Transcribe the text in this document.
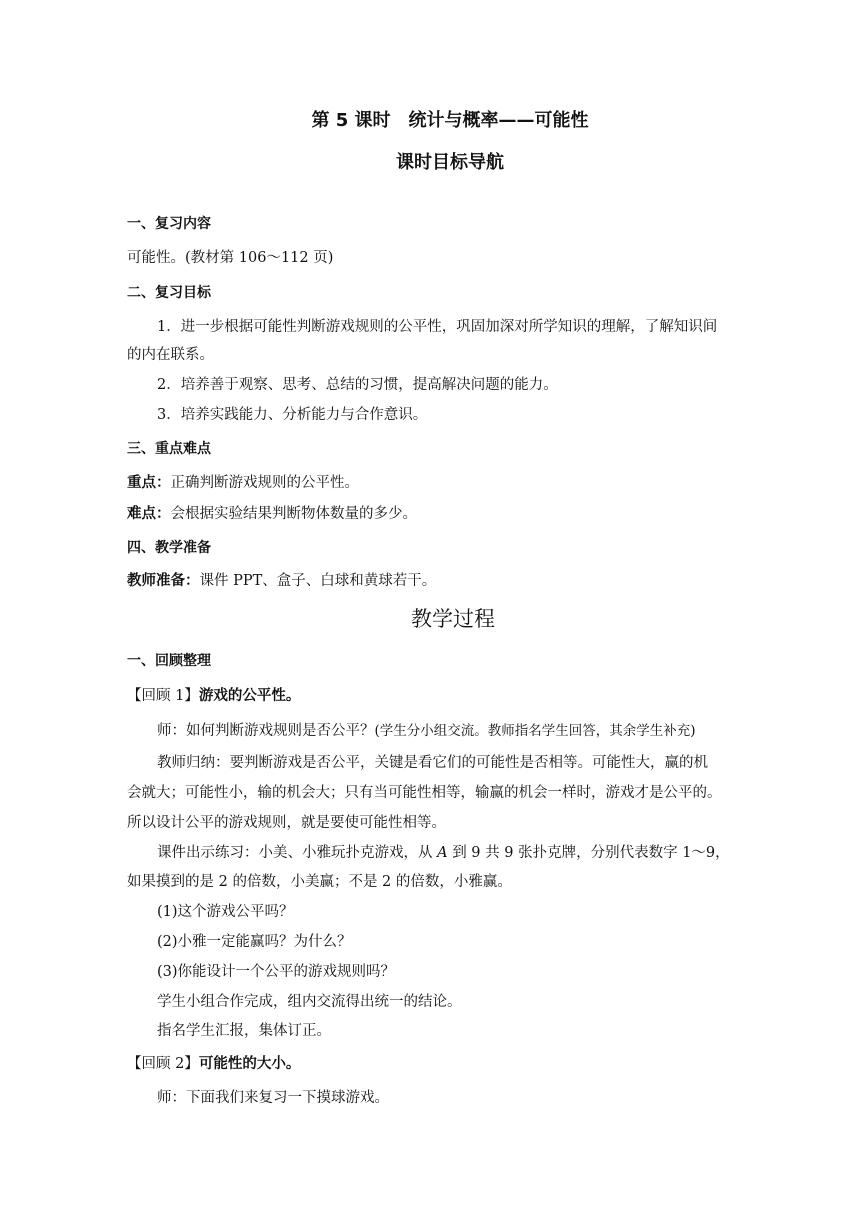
第 5 课时　统计与概率——可能性
课时目标导航
一、复习内容
可能性。(教材第 106～112 页)
二、复习目标
1．进一步根据可能性判断游戏规则的公平性，巩固加深对所学知识的理解，了解知识间
的内在联系。
2．培养善于观察、思考、总结的习惯，提高解决问题的能力。
3．培养实践能力、分析能力与合作意识。
三、重点难点
重点：正确判断游戏规则的公平性。
难点：会根据实验结果判断物体数量的多少。
四、教学准备
教师准备：课件 PPT、盒子、白球和黄球若干。
教学过程
一、回顾整理
【回顾 1】游戏的公平性。
师：如何判断游戏规则是否公平？(学生分小组交流。教师指名学生回答，其余学生补充)
教师归纳：要判断游戏是否公平，关键是看它们的可能性是否相等。可能性大，赢的机
会就大；可能性小，输的机会大；只有当可能性相等，输赢的机会一样时，游戏才是公平的。
所以设计公平的游戏规则，就是要使可能性相等。
课件出示练习：小美、小雅玩扑克游戏，从 A 到 9 共 9 张扑克牌，分别代表数字 1～9，
如果摸到的是 2 的倍数，小美赢；不是 2 的倍数，小雅赢。
(1)这个游戏公平吗？
(2)小雅一定能赢吗？为什么？
(3)你能设计一个公平的游戏规则吗？
学生小组合作完成，组内交流得出统一的结论。
指名学生汇报，集体订正。
【回顾 2】可能性的大小。
师：下面我们来复习一下摸球游戏。
